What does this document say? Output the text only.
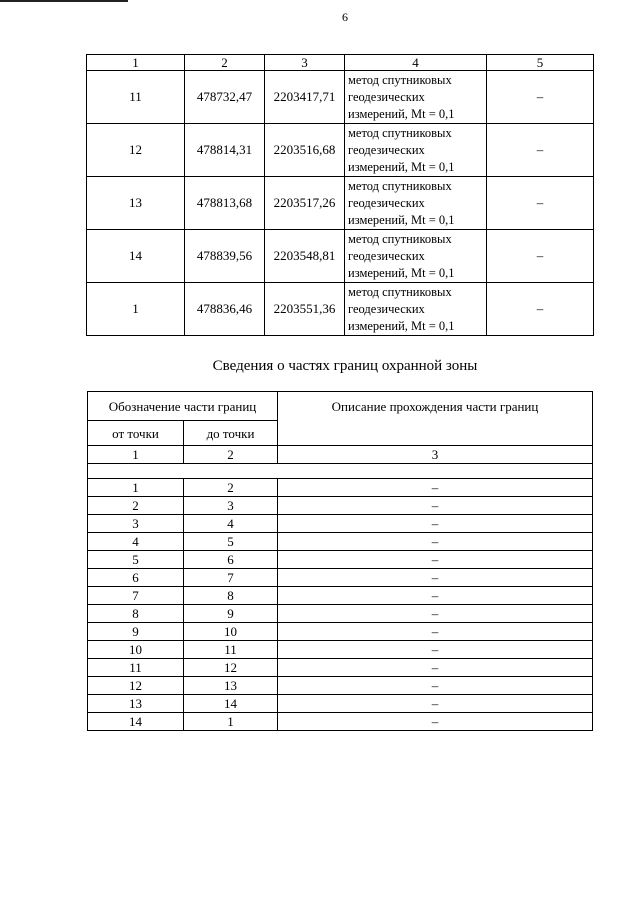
6
1	2	3	4	5
11	478732,47	2203417,71	метод спутниковых
геодезических
измерений, Mt = 0,1	–
12	478814,31	2203516,68	метод спутниковых
геодезических
измерений, Mt = 0,1	–
13	478813,68	2203517,26	метод спутниковых
геодезических
измерений, Mt = 0,1	–
14	478839,56	2203548,81	метод спутниковых
геодезических
измерений, Mt = 0,1	–
1	478836,46	2203551,36	метод спутниковых
геодезических
измерений, Mt = 0,1	–
Сведения о частях границ охранной зоны
Обозначение части границ		Описание прохождения части границ
от точки	до точки	
1	2	3

1	2	–
2	3	–
3	4	–
4	5	–
5	6	–
6	7	–
7	8	–
8	9	–
9	10	–
10	11	–
11	12	–
12	13	–
13	14	–
14	1	–
